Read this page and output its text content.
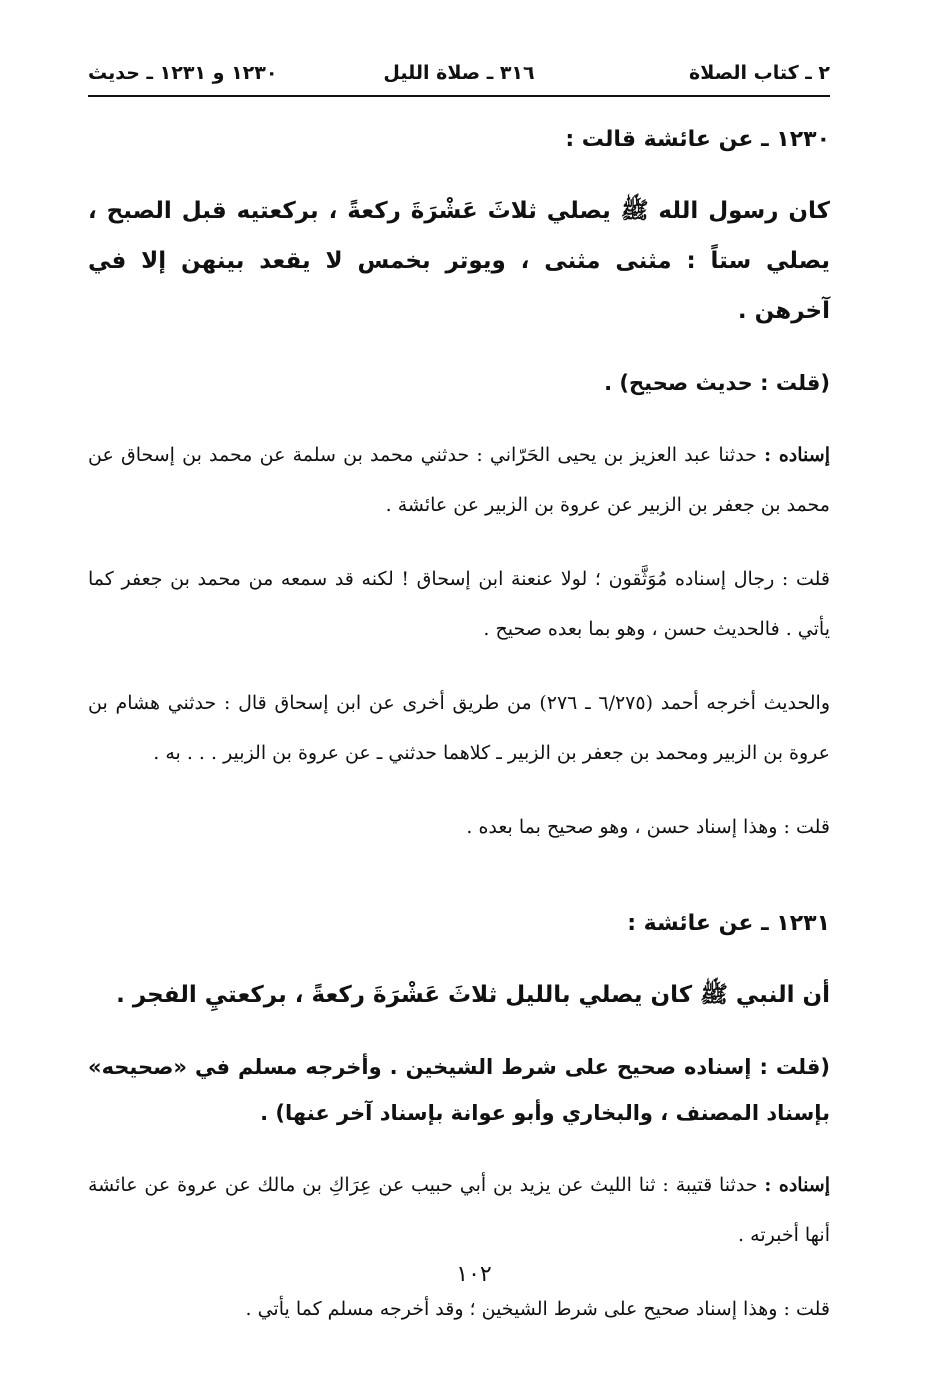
٢ ـ كتاب الصلاة
٣١٦ ـ صلاة الليل
١٢٣٠ و ١٢٣١ ـ حديث

١٢٣٠ ـ عن عائشة قالت :

كان رسول الله ﷺ يصلي ثلاثَ عَشْرَةَ ركعةً ، بركعتيه قبل الصبح ، يصلي ستاً : مثنى مثنى ، ويوتر بخمس لا يقعد بينهن إلا في آخرهن .

(قلت : حديث صحيح) .

إسناده : حدثنا عبد العزيز بن يحيى الحَرّاني : حدثني محمد بن سلمة عن محمد بن إسحاق عن محمد بن جعفر بن الزبير عن عروة بن الزبير عن عائشة .

قلت : رجال إسناده مُوَثَّقون ؛ لولا عنعنة ابن إسحاق ! لكنه قد سمعه من محمد بن جعفر كما يأتي . فالحديث حسن ، وهو بما بعده صحيح .

والحديث أخرجه أحمد (٦/٢٧٥ ـ ٢٧٦) من طريق أخرى عن ابن إسحاق قال : حدثني هشام بن عروة بن الزبير ومحمد بن جعفر بن الزبير ـ كلاهما حدثني ـ عن عروة بن الزبير . . . به .

قلت : وهذا إسناد حسن ، وهو صحيح بما بعده .

١٢٣١ ـ عن عائشة :

أن النبي ﷺ كان يصلي بالليل ثلاثَ عَشْرَةَ ركعةً ، بركعتيِ الفجر .

(قلت : إسناده صحيح على شرط الشيخين . وأخرجه مسلم في «صحيحه» بإسناد المصنف ، والبخاري وأبو عوانة بإسناد آخر عنها) .

إسناده : حدثنا قتيبة : ثنا الليث عن يزيد بن أبي حبيب عن عِرَاكِ بن مالك عن عروة عن عائشة أنها أخبرته .

قلت : وهذا إسناد صحيح على شرط الشيخين ؛ وقد أخرجه مسلم كما يأتي .

١٠٢
